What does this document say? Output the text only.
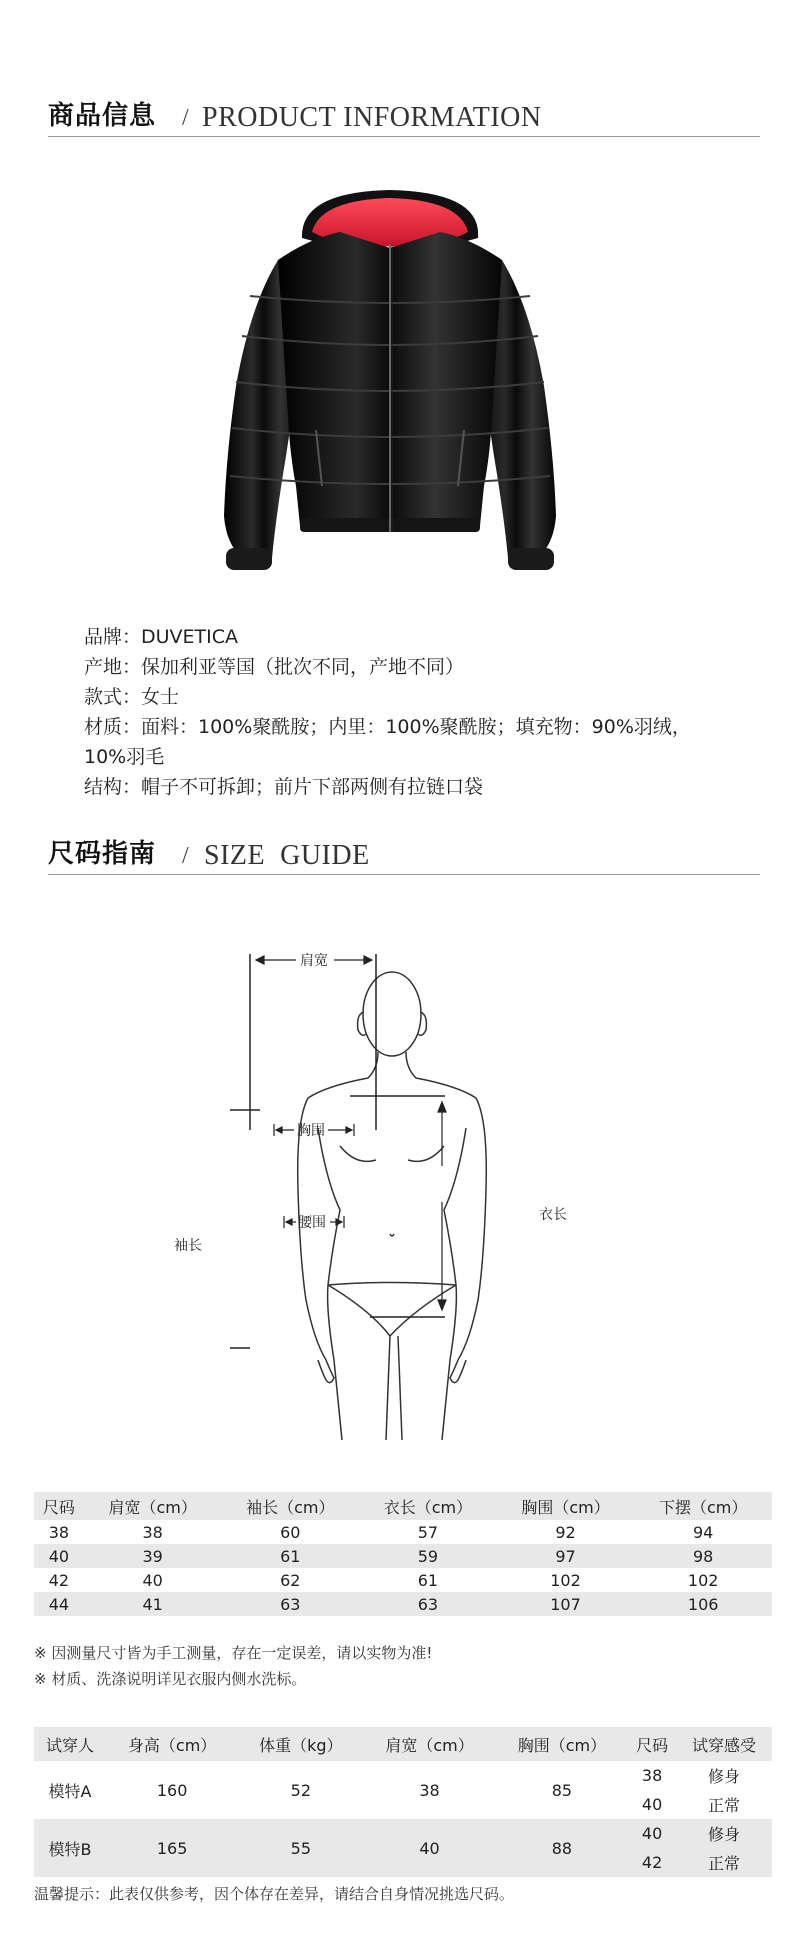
商品信息 / PRODUCT INFORMATION
品牌：DUVETICA
产地：保加利亚等国（批次不同，产地不同）
款式：女士
材质：面料：100%聚酰胺；内里：100%聚酰胺；填充物：90%羽绒，
10%羽毛
结构：帽子不可拆卸；前片下部两侧有拉链口袋
尺码指南 / SIZE  GUIDE
肩宽
胸围
腰围
袖长
衣长
尺码	肩宽（cm）	袖长（cm）	衣长（cm）	胸围（cm）	下摆（cm）
38	38	60	57	92	94
40	39	61	59	97	98
42	40	62	61	102	102
44	41	63	63	107	106
※ 因测量尺寸皆为手工测量，存在一定误差，请以实物为准!
※ 材质、洗涤说明详见衣服内侧水洗标。
试穿人	身高（cm）	体重（kg）	肩宽（cm）	胸围（cm）	尺码	试穿感受
模特A	160	52	38	85	38	修身
					40	正常
模特B	165	55	40	88	40	修身
					42	正常
温馨提示：此表仅供参考，因个体存在差异，请结合自身情况挑选尺码。
